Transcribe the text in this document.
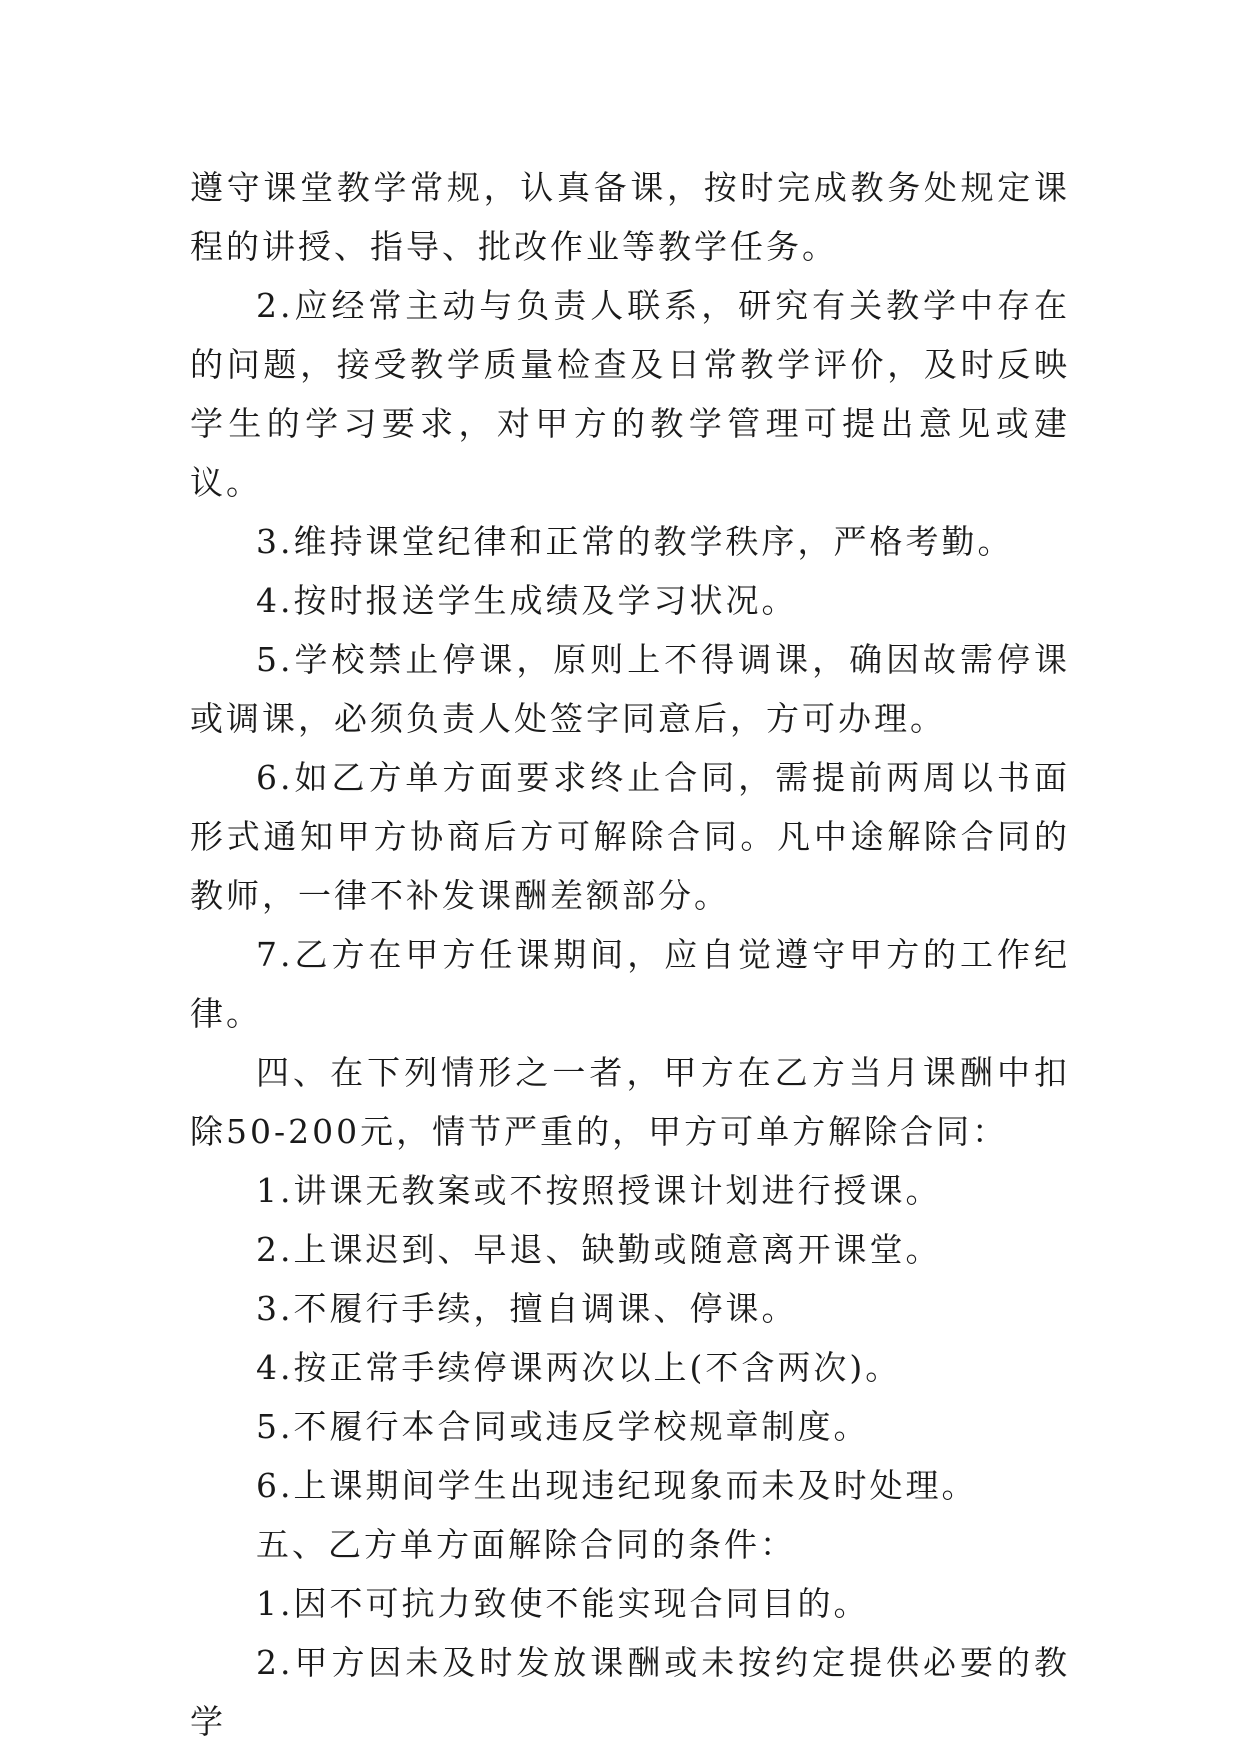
遵守课堂教学常规，认真备课，按时完成教务处规定课程的讲授、指导、批改作业等教学任务。

2.应经常主动与负责人联系，研究有关教学中存在的问题，接受教学质量检查及日常教学评价，及时反映学生的学习要求，对甲方的教学管理可提出意见或建议。

3.维持课堂纪律和正常的教学秩序，严格考勤。

4.按时报送学生成绩及学习状况。

5.学校禁止停课，原则上不得调课，确因故需停课或调课，必须负责人处签字同意后，方可办理。

6.如乙方单方面要求终止合同，需提前两周以书面形式通知甲方协商后方可解除合同。凡中途解除合同的教师，一律不补发课酬差额部分。

7.乙方在甲方任课期间，应自觉遵守甲方的工作纪律。

四、在下列情形之一者，甲方在乙方当月课酬中扣除50-200元，情节严重的，甲方可单方解除合同：

1.讲课无教案或不按照授课计划进行授课。

2.上课迟到、早退、缺勤或随意离开课堂。

3.不履行手续，擅自调课、停课。

4.按正常手续停课两次以上(不含两次)。

5.不履行本合同或违反学校规章制度。

6.上课期间学生出现违纪现象而未及时处理。

五、乙方单方面解除合同的条件：

1.因不可抗力致使不能实现合同目的。

2.甲方因未及时发放课酬或未按约定提供必要的教学
